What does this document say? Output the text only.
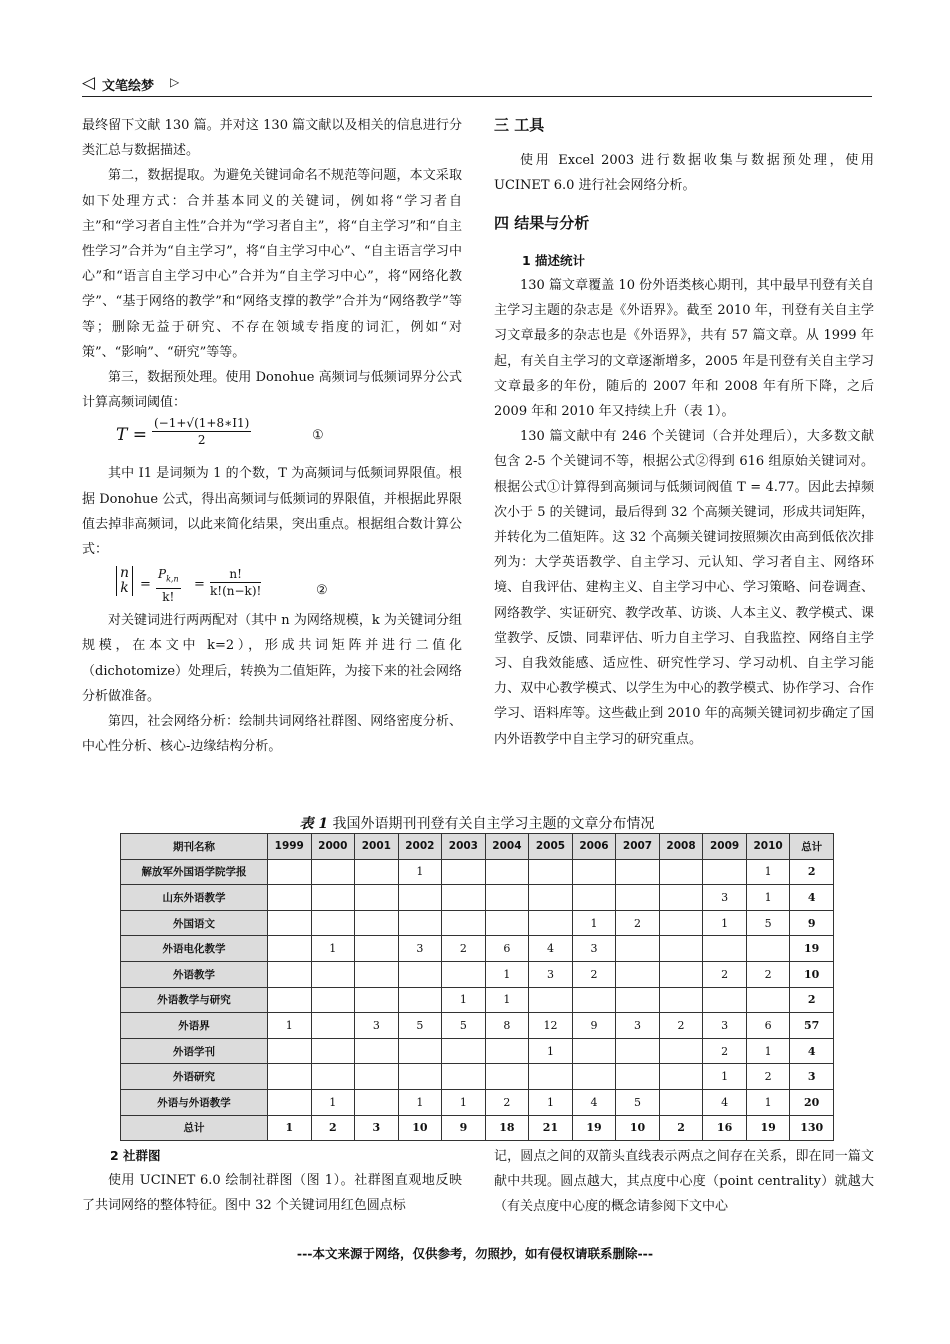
◁ 文笔绘梦 ▷

最终留下文献 130 篇。并对这 130 篇文献以及相关的信息进行分类汇总与数据描述。

第二，数据提取。为避免关键词命名不规范等问题，本文采取如下处理方式：合并基本同义的关键词，例如将“学习者自主”和“学习者自主性”合并为“学习者自主”，将“自主学习”和“自主性学习”合并为“自主学习”，将“自主学习中心”、“自主语言学习中心”和“语言自主学习中心”合并为“自主学习中心”，将“网络化教学”、“基于网络的教学”和“网络支撑的教学”合并为“网络教学”等等；删除无益于研究、不存在领域专指度的词汇，例如“对策”、“影响”、“研究”等等。

第三，数据预处理。使用 Donohue 高频词与低频词界分公式计算高频词阈值：

$T = \frac{(-1+√(1+8∗I1)}{2}$	①

其中 I1 是词频为 1 的个数，T 为高频词与低频词界限值。根据 Donohue 公式，得出高频词与低频词的界限值，并根据此界限值去掉非高频词，以此来简化结果，突出重点。根据组合数计算公式：

n
$k = \frac{P_{k,n}}{k!} = \frac{n!}{k!(n-k)!}$	②

对关键词进行两两配对（其中 n 为网络规模，k 为关键词分组规模，在本文中 k=2），形成共词矩阵并进行二值化（dichotomize）处理后，转换为二值矩阵，为接下来的社会网络分析做准备。

第四，社会网络分析：绘制共词网络社群图、网络密度分析、中心性分析、核心-边缘结构分析。

三 工具

使用 Excel 2003 进行数据收集与数据预处理，使用 UCINET 6.0 进行社会网络分析。

四 结果与分析

1 描述统计

130 篇文章覆盖 10 份外语类核心期刊，其中最早刊登有关自主学习主题的杂志是《外语界》。截至 2010 年，刊登有关自主学习文章最多的杂志也是《外语界》，共有 57 篇文章。从 1999 年起，有关自主学习的文章逐渐增多，2005 年是刊登有关自主学习文章最多的年份，随后的 2007 年和 2008 年有所下降，之后 2009 年和 2010 年又持续上升（表 1）。

130 篇文献中有 246 个关键词（合并处理后），大多数文献包含 2-5 个关键词不等，根据公式②得到 616 组原始关键词对。根据公式①计算得到高频词与低频词阀值 T = 4.77。因此去掉频次小于 5 的关键词，最后得到 32 个高频关键词，形成共词矩阵，并转化为二值矩阵。这 32 个高频关键词按照频次由高到低依次排列为：大学英语教学、自主学习、元认知、学习者自主、网络环境、自我评估、建构主义、自主学习中心、学习策略、问卷调查、网络教学、实证研究、教学改革、访谈、人本主义、教学模式、课堂教学、反馈、同辈评估、听力自主学习、自我监控、网络自主学习、自我效能感、适应性、研究性学习、学习动机、自主学习能力、双中心教学模式、以学生为中心的教学模式、协作学习、合作学习、语料库等。这些截止到 2010 年的高频关键词初步确定了国内外语教学中自主学习的研究重点。

表 1 我国外语期刊刊登有关自主学习主题的文章分布情况
期刊名称	1999	2000	2001	2002	2003	2004	2005	2006	2007	2008	2009	2010	总计
解放军外国语学院学报				1								1	2
山东外语教学											3	1	4
外国语文								1	2		1	5	9
外语电化教学		1		3	2	6	4	3					19
外语教学						1	3	2			2	2	10
外语教学与研究					1	1							2
外语界	1		3	5	5	8	12	9	3	2	3	6	57
外语学刊							1				2	1	4
外语研究											1	2	3
外语与外语教学		1		1	1	2	1	4	5		4	1	20
总计	1	2	3	10	9	18	21	19	10	2	16	19	130

2 社群图

使用 UCINET 6.0 绘制社群图（图 1）。社群图直观地反映了共词网络的整体特征。图中 32 个关键词用红色圆点标

记，圆点之间的双箭头直线表示两点之间存在关系，即在同一篇文献中共现。圆点越大，其点度中心度（point centrality）就越大（有关点度中心度的概念请参阅下文中心

---本文来源于网络，仅供参考，勿照抄，如有侵权请联系删除---
